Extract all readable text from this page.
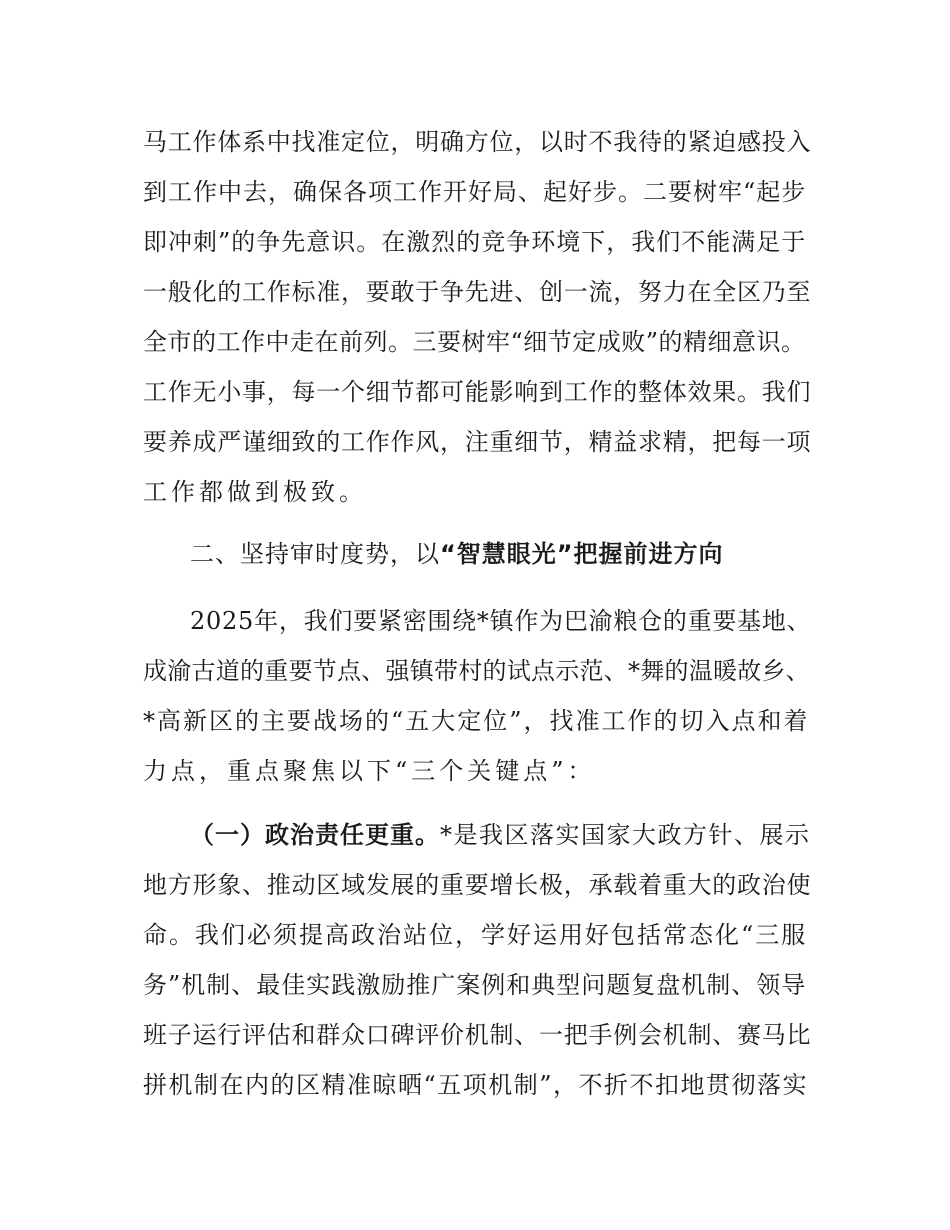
马工作体系中找准定位，明确方位，以时不我待的紧迫感投入
到工作中去，确保各项工作开好局、起好步。二要树牢“起步
即冲刺”的争先意识。在激烈的竞争环境下，我们不能满足于
一般化的工作标准，要敢于争先进、创一流，努力在全区乃至
全市的工作中走在前列。三要树牢“细节定成败”的精细意识。
工作无小事，每一个细节都可能影响到工作的整体效果。我们
要养成严谨细致的工作作风，注重细节，精益求精，把每一项
工作都做到极致。
二、坚持审时度势，以“智慧眼光”把握前进方向
2025年，我们要紧密围绕*镇作为巴渝粮仓的重要基地、
成渝古道的重要节点、强镇带村的试点示范、*舞的温暖故乡、
*高新区的主要战场的“五大定位”，找准工作的切入点和着
力点，重点聚焦以下“三个关键点”：
（一）政治责任更重。*是我区落实国家大政方针、展示
地方形象、推动区域发展的重要增长极，承载着重大的政治使
命。我们必须提高政治站位，学好运用好包括常态化“三服
务”机制、最佳实践激励推广案例和典型问题复盘机制、领导
班子运行评估和群众口碑评价机制、一把手例会机制、赛马比
拼机制在内的区精准晾晒“五项机制”，不折不扣地贯彻落实
